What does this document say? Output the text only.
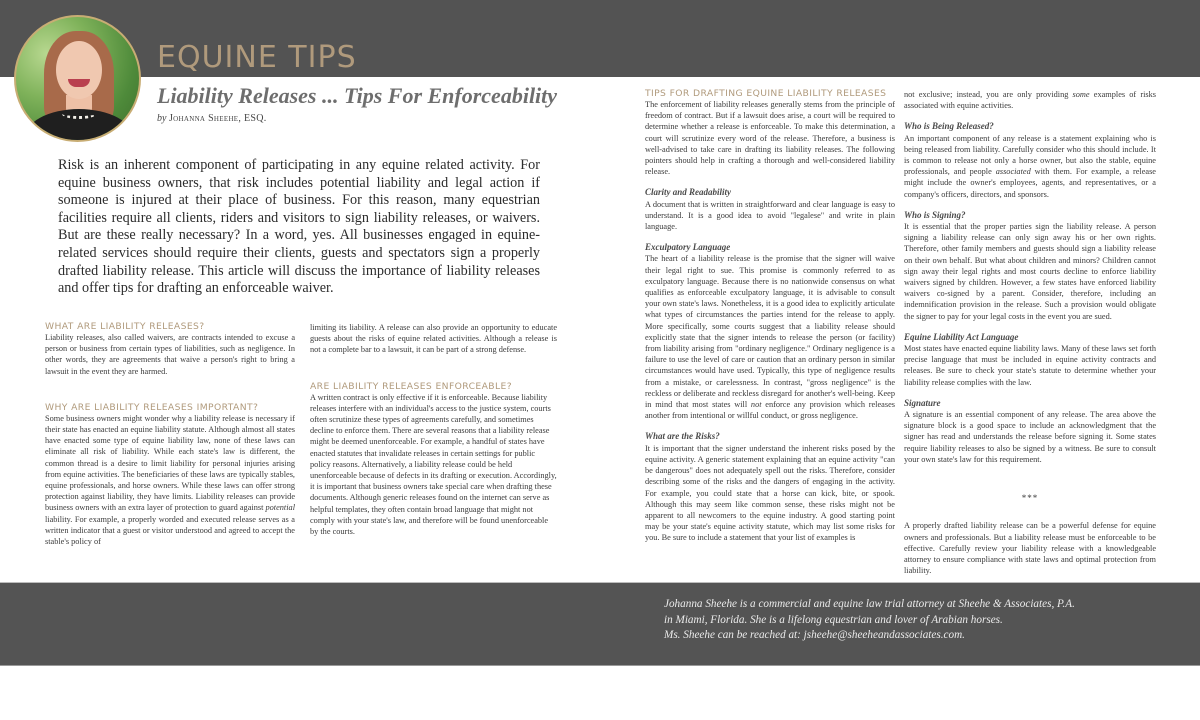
EQUINE TIPS
Liability Releases ... Tips For Enforceability
by Johanna Sheehe, ESQ.

Risk is an inherent component of participating in any equine related activity. For equine business owners, that risk includes potential liability and legal action if someone is injured at their place of business. For this reason, many equestrian facilities require all clients, riders and visitors to sign liability releases, or waivers. But are these really necessary? In a word, yes. All businesses engaged in equine-related services should require their clients, guests and spectators sign a properly drafted liability release. This article will discuss the importance of liability releases and offer tips for drafting an enforceable waiver.

WHAT ARE LIABILITY RELEASES?

Liability releases, also called waivers, are contracts intended to excuse a person or business from certain types of liabilities, such as negligence. In other words, they are agreements that waive a person's right to bring a lawsuit in the event they are harmed.

WHY ARE LIABILITY RELEASES IMPORTANT?

Some business owners might wonder why a liability release is necessary if their state has enacted an equine liability statute. Although almost all states have enacted some type of equine liability law, none of these laws can eliminate all risk of liability. While each state's law is different, the common thread is a desire to limit liability for personal injuries arising from equine activities. The beneficiaries of these laws are typically stables, equine professionals, and horse owners. While these laws can offer strong protection against liability, they have limits. Liability releases can provide business owners with an extra layer of protection to guard against potential liability. For example, a properly worded and executed release serves as a written indicator that a guest or visitor understood and agreed to accept the stable's policy of

limiting its liability. A release can also provide an opportunity to educate guests about the risks of equine related activities. Although a release is not a complete bar to a lawsuit, it can be part of a strong defense.

ARE LIABILITY RELEASES ENFORCEABLE?

A written contract is only effective if it is enforceable. Because liability releases interfere with an individual's access to the justice system, courts often scrutinize these types of agreements carefully, and sometimes decline to enforce them. There are several reasons that a liability release might be deemed unenforceable. For example, a handful of states have enacted statutes that invalidate releases in certain settings for public policy reasons. Alternatively, a liability release could be held unenforceable because of defects in its drafting or execution. Accordingly, it is important that business owners take special care when drafting these documents. Although generic releases found on the internet can serve as helpful templates, they often contain broad language that might not comply with your state's law, and therefore will be found unenforceable by the courts.

TIPS FOR DRAFTING EQUINE LIABILITY RELEASES

The enforcement of liability releases generally stems from the principle of freedom of contract. But if a lawsuit does arise, a court will be required to determine whether a release is enforceable. To make this determination, a court will scrutinize every word of the release. Therefore, a business is well-advised to take care in drafting its liability releases. The following pointers should help in crafting a thorough and well-considered liability release.

Clarity and Readability

A document that is written in straightforward and clear language is easy to understand. It is a good idea to avoid "legalese" and write in plain language.

Exculpatory Language

The heart of a liability release is the promise that the signer will waive their legal right to sue. This promise is commonly referred to as exculpatory language. Because there is no nationwide consensus on what qualifies as enforceable exculpatory language, it is advisable to consult your own state's laws. Nonetheless, it is a good idea to explicitly articulate what types of circumstances the parties intend for the release to apply. More specifically, some courts suggest that a liability release should explicitly state that the signer intends to release the person (or facility) from liability arising from "ordinary negligence." Ordinary negligence is a failure to use the level of care or caution that an ordinary person in similar circumstances would have used. Typically, this type of negligence results from a mistake, or carelessness. In contrast, "gross negligence" is the reckless or deliberate and reckless disregard for another's well-being. Keep in mind that most states will not enforce any provision which releases another from intentional or willful conduct, or gross negligence.

What are the Risks?

It is important that the signer understand the inherent risks posed by the equine activity. A generic statement explaining that an equine activity "can be dangerous" does not adequately spell out the risks. Therefore, consider describing some of the risks and the dangers of engaging in the activity. For example, you could state that a horse can kick, bite, or spook. Although this may seem like common sense, these risks might not be apparent to all newcomers to the equine industry. A good starting point may be your state's equine activity statute, which may list some risks for you. Be sure to include a statement that your list of examples is

not exclusive; instead, you are only providing some examples of risks associated with equine activities.

Who is Being Released?

An important component of any release is a statement explaining who is being released from liability. Carefully consider who this should include. It is common to release not only a horse owner, but also the stable, equine professionals, and people associated with them. For example, a release might include the owner's employees, agents, and representatives, or a company's officers, directors, and sponsors.

Who is Signing?

It is essential that the proper parties sign the liability release. A person signing a liability release can only sign away his or her own rights. Therefore, other family members and guests should sign a liability release on their own behalf. But what about children and minors? Children cannot sign away their legal rights and most courts decline to enforce liability waivers signed by children. However, a few states have enforced liability waivers co-signed by a parent. Consider, therefore, including an indemnification provision in the release. Such a provision would obligate the signer to pay for your legal costs in the event you are sued.

Equine Liability Act Language

Most states have enacted equine liability laws. Many of these laws set forth precise language that must be included in equine activity contracts and releases. Be sure to check your state's statute to determine whether your liability release complies with the law.

Signature

A signature is an essential component of any release. The area above the signature block is a good space to include an acknowledgment that the signer has read and understands the release before signing it. Some states require liability releases to also be signed by a witness. Be sure to consult your own state's law for this requirement.

***

A properly drafted liability release can be a powerful defense for equine owners and professionals. But a liability release must be enforceable to be effective. Carefully review your liability release with a knowledgeable attorney to ensure compliance with state laws and optimal protection from liability.

Johanna Sheehe is a commercial and equine law trial attorney at Sheehe & Associates, P.A.
in Miami, Florida. She is a lifelong equestrian and lover of Arabian horses.
Ms. Sheehe can be reached at: jsheehe@sheeheandassociates.com.
